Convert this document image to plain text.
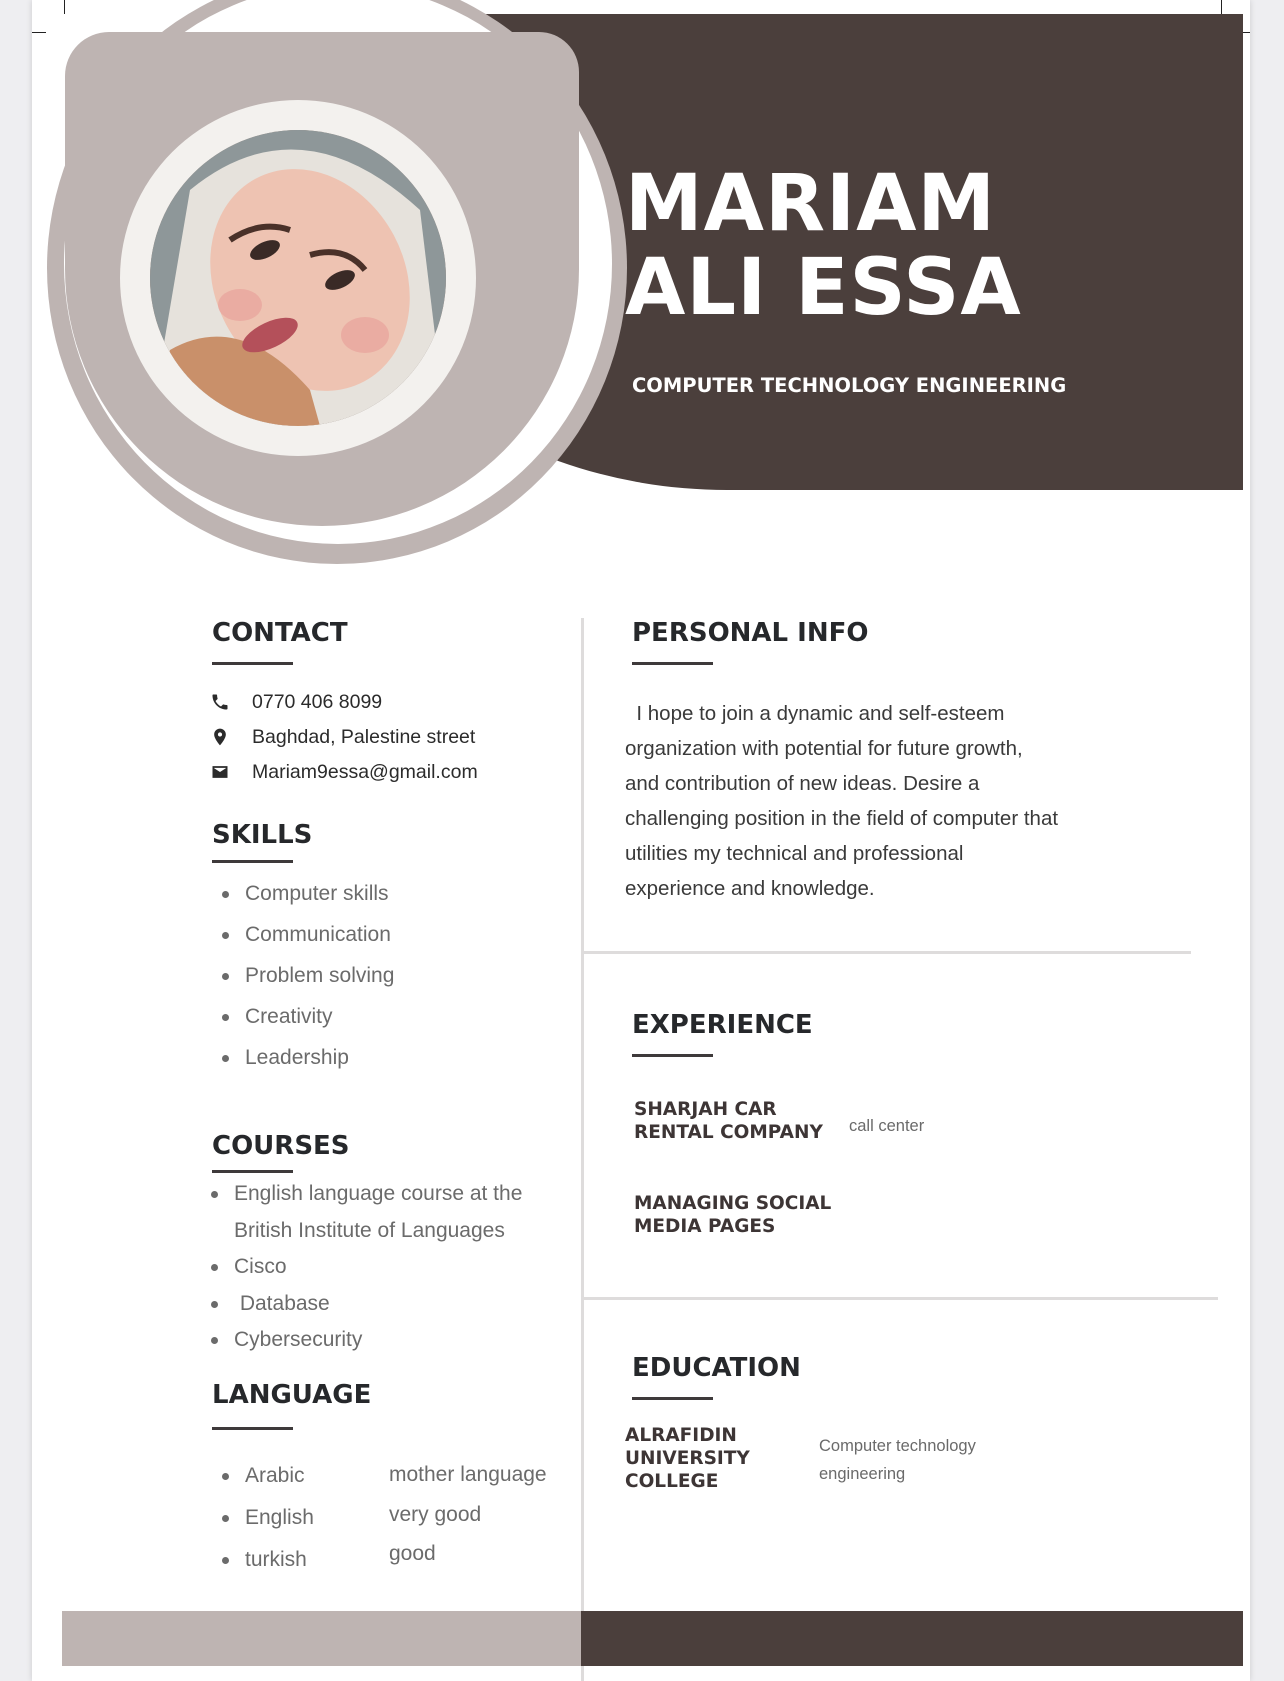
MARIAM
ALI ESSA
COMPUTER TECHNOLOGY ENGINEERING
CONTACT
0770 406 8099
Baghdad, Palestine street
Mariam9essa@gmail.com
SKILLS
Computer skills
Communication
Problem solving
Creativity
Leadership
COURSES
English language course at the
British Institute of Languages
Cisco
Database
Cybersecurity
LANGUAGE
Arabic
English
turkish
mother language
very good
good
PERSONAL INFO
I hope to join a dynamic and self-esteem
organization with potential for future growth,
and contribution of new ideas. Desire a
challenging position in the field of computer that
utilities my technical and professional
experience and knowledge.
EXPERIENCE
SHARJAH CAR
RENTAL COMPANY call center
MANAGING SOCIAL
MEDIA PAGES
EDUCATION
ALRAFIDIN
UNIVERSITY
COLLEGE
Computer technology
engineering
